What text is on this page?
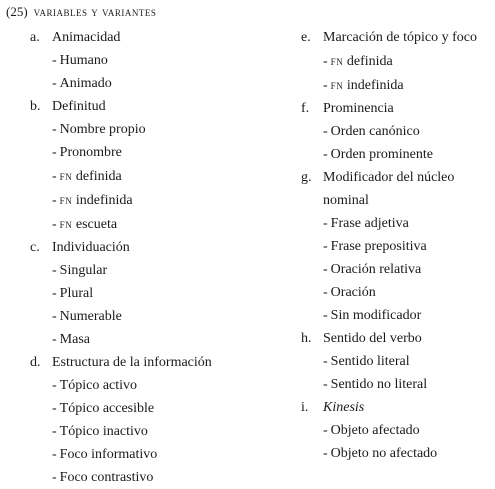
(25) variables y variantes
a. Animacidad
- Humano
- Animado
b. Definitud
- Nombre propio
- Pronombre
- fn definida
- fn indefinida
- fn escueta
c. Individuación
- Singular
- Plural
- Numerable
- Masa
d. Estructura de la información
- Tópico activo
- Tópico accesible
- Tópico inactivo
- Foco informativo
- Foco contrastivo
e. Marcación de tópico y foco
- fn definida
- fn indefinida
f. Prominencia
- Orden canónico
- Orden prominente
g. Modificador del núcleo nominal
- Frase adjetiva
- Frase prepositiva
- Oración relativa
- Oración
- Sin modificador
h. Sentido del verbo
- Sentido literal
- Sentido no literal
i.	Kinesis
- Objeto afectado
- Objeto no afectado
